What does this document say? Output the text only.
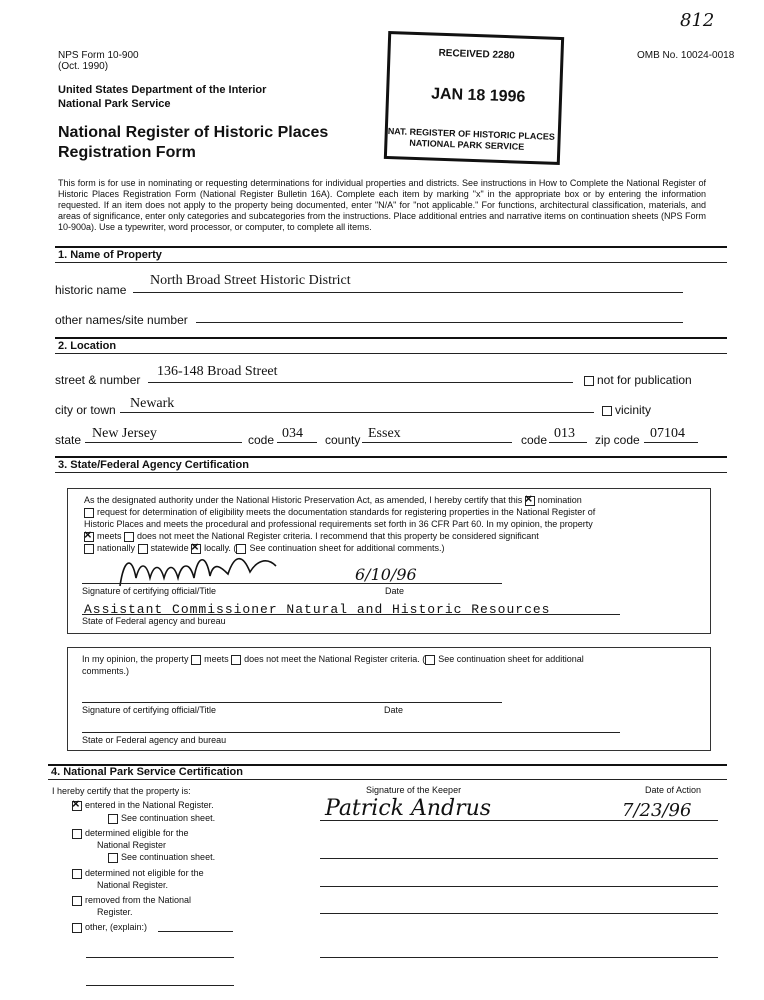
812
NPS Form 10-900
(Oct. 1990)
OMB No. 10024-0018
United States Department of the Interior
National Park Service
RECEIVED 2280
JAN 18 1996
NAT. REGISTER OF HISTORIC PLACES
NATIONAL PARK SERVICE
National Register of Historic Places
Registration Form
This form is for use in nominating or requesting determinations for individual properties and districts. See instructions in How to Complete the National Register of Historic Places Registration Form (National Register Bulletin 16A). Complete each item by marking "x" in the appropriate box or by entering the information requested. If an item does not apply to the property being documented, enter "N/A" for "not applicable." For functions, architectural classification, materials, and areas of significance, enter only categories and subcategories from the instructions. Place additional entries and narrative items on continuation sheets (NPS Form 10-900a). Use a typewriter, word processor, or computer, to complete all items.
1. Name of Property
historic name
North Broad Street Historic District
other names/site number
2. Location
street & number
136-148 Broad Street
not for publication
city or town Newark	vicinity
state New Jersey	code 034 county Essex	code 013 zip code 07104
3. State/Federal Agency Certification
As the designated authority under the National Historic Preservation Act, as amended, I hereby certify that this × nomination
request for determination of eligibility meets the documentation standards for registering properties in the National Register of
Historic Places and meets the procedural and professional requirements set forth in 36 CFR Part 60. In my opinion, the property
×meets does not meet the National Register criteria. I recommend that this property be considered significant
nationally statewide × locally. ( See continuation sheet for additional comments.)
6/10/96
Signature of certifying official/Title	Date
Assistant Commissioner Natural and Historic Resources
State of Federal agency and bureau
In my opinion, the property meets does not meet the National Register criteria. ( See continuation sheet for additional
comments.)
Signature of certifying official/Title	Date
State or Federal agency and bureau
4. National Park Service Certification
I hereby certify that the property is:	Signature of the Keeper	Date of Action
Patrick Andrus	7/23/96
×entered in the National Register.
See continuation sheet.
determined eligible for the
National Register
See continuation sheet.
determined not eligible for the
National Register.
removed from the National
Register.
other, (explain:)
